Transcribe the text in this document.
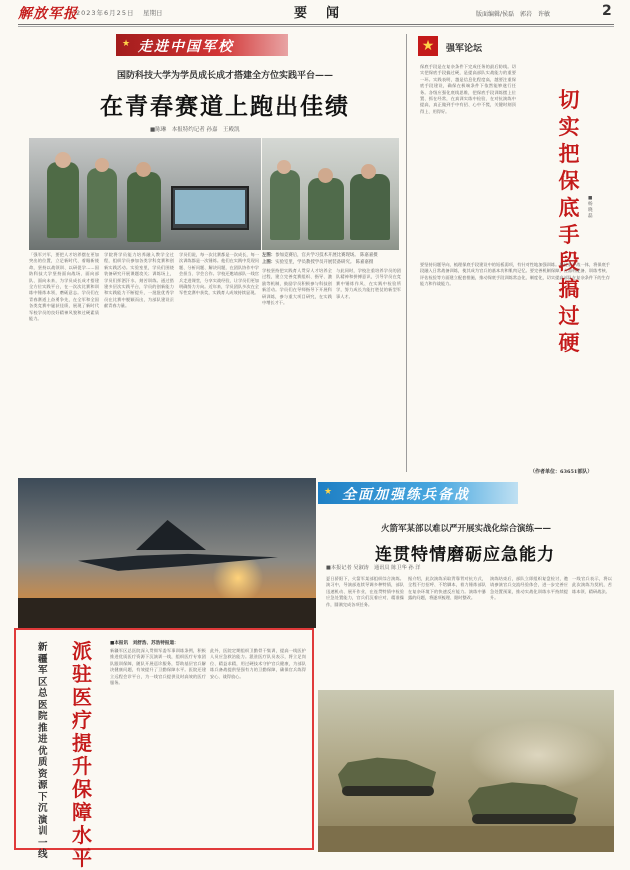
解放军报
2023年6月25日 星期日	要　闻	版面编辑/侯磊　郭岩　许敏	2
★ 走进中国军校
国防科技大学为学员成长成才搭建全方位实践平台——
在青春赛道上跑出佳绩
■陈琳　本报特约记者 孙嘉　王殿凯
左图：参加竞赛后，官兵学习技术开展比赛现场。 陈嘉嘉摄
上图：实验室里，学员教授学员开展装备研究。 陈嘉嘉摄
「强军兴军，要把人才培养摆在更加突出的位置，立足新时代、着眼新使命，坚持以战领训、以研促学……国防科技大学坚持面向战场、面向部队、面向未来，为学员成长成才搭建全方位实践平台，在一次次比赛和训练中锤炼本领，磨砺意志。学员们在青春赛道上奋勇争先，在全军和全国各类竞赛中屡获佳绩，展现了新时代军校学员的良好精神风貌和过硬素质能力。
学院将学员能力培养融入教学全过程，组织学员参加各类学科竞赛和创新实践活动。实验室里，学员们围绕装备研究开展课题攻关；训练场上，学员们挥洒汗水、刻苦训练。通过搭建多层次实践平台，学员的创新能力和实践能力不断提升，一批批优秀学员在比赛中脱颖而出，为部队建设贡献青春力量。
学员们说，每一次比赛都是一次成长，每一次训练都是一次锤炼。他们在实践中发现问题、分析问题、解决问题，在团队协作中学会担当、学会合作。学校还邀请部队一线官兵走进课堂，分享实战经验，让学员们更加明确努力方向。近年来，学员团队多次在全军性竞赛中获奖，实践育人成效持续显现。
学校坚持把实践育人贯穿人才培养全过程，建立完善竞赛组织、指导、激励等机制，鼓励学员积极参与科技创新活动。学员们在导师指导下开展科研训练，参与重大项目研究，在实践中增长才干。
与此同时，学校注重培养学员的团队精神和拼搏意识，引导学员在竞赛中锤炼作风、在实践中检验所学，努力成长为能打胜仗的新型军事人才。
★	强军论坛
保底手段是在复杂条件下完成任务的最后防线。切实把保底手段搞过硬，是提高部队实战能力的重要一环。实践表明，越是信息化程度高，越要注重保底手段建设，确保在极端条件下依然能够遂行任务。各级应强化底线思维，把保底手段训练摆上位置、抓在经常，在真训实练中检验、在对抗演练中提高，真正做到手中有招、心中不慌，关键时刻顶得上、用得好。	切实把保底手段搞过硬
■杨晓磊
要坚持问题导向，梳理保底手段建设中的短板弱项，有针对性地加强训练。要注重平战一体，将保底手段融入日常战备训练，使其成为官兵的基本功和肌肉记忆。要完善机制保障，在器材配备、训练考核、评估检验等方面建立配套措施，推动保底手段训练常态化、制度化，切实提高部队在复杂条件下的生存能力和作战能力。
（作者单位：63651部队）
★ 全面加强练兵备战
火箭军某部以难以严开展实战化综合演练——
连贯特情磨砺应急能力
■本报记者 吴淑涛　通讯员 陈卫华 孙 洋
夏日骄阳下，火箭军某部组织综合演练。演习中，导演部连续导调多种特情，部队迅速机动、展开作业，在连贯特情中检验应急处置能力，官兵们沉着应对、精准操作，圆满完成各项任务。
据介绍，此次演练采取背靠背对抗方式，全程不打招呼、不给脚本，着力锤炼部队在复杂环境下的快速反应能力。演练中暴露的问题，将逐项梳理、限时整改。
演练结束后，部队立即组织复盘检讨，邀请参演官兵交流经验体会，进一步完善应急处置预案，推动实战化训练水平持续提升。
一线官兵表示，将以此次演练为契机，苦练本领、精研战法。
新疆军区总医院推进优质资源下沉演训一线
派驻医疗提升保障水平
■本报讯　刘舒浩、苏浩特报道：
新疆军区总医院深入贯彻军委军事训练条例，积极推进优质医疗资源下沉演训一线，组织医疗专家团队跟训保障，随队开展巡诊服务，帮助基层官兵解决健康问题，有效提升了卫勤保障水平。医院还建立远程会诊平台，为一线官兵提供及时高效的医疗服务。
此外，医院定期组织卫勤骨干集训，提高一线医护人员应急救治能力。派驻医疗队员表示，将立足岗位、精益求精，用过硬技术守护官兵健康，为部队练兵备战提供坚强有力的卫勤保障，确保官兵练得安心、战得放心。
